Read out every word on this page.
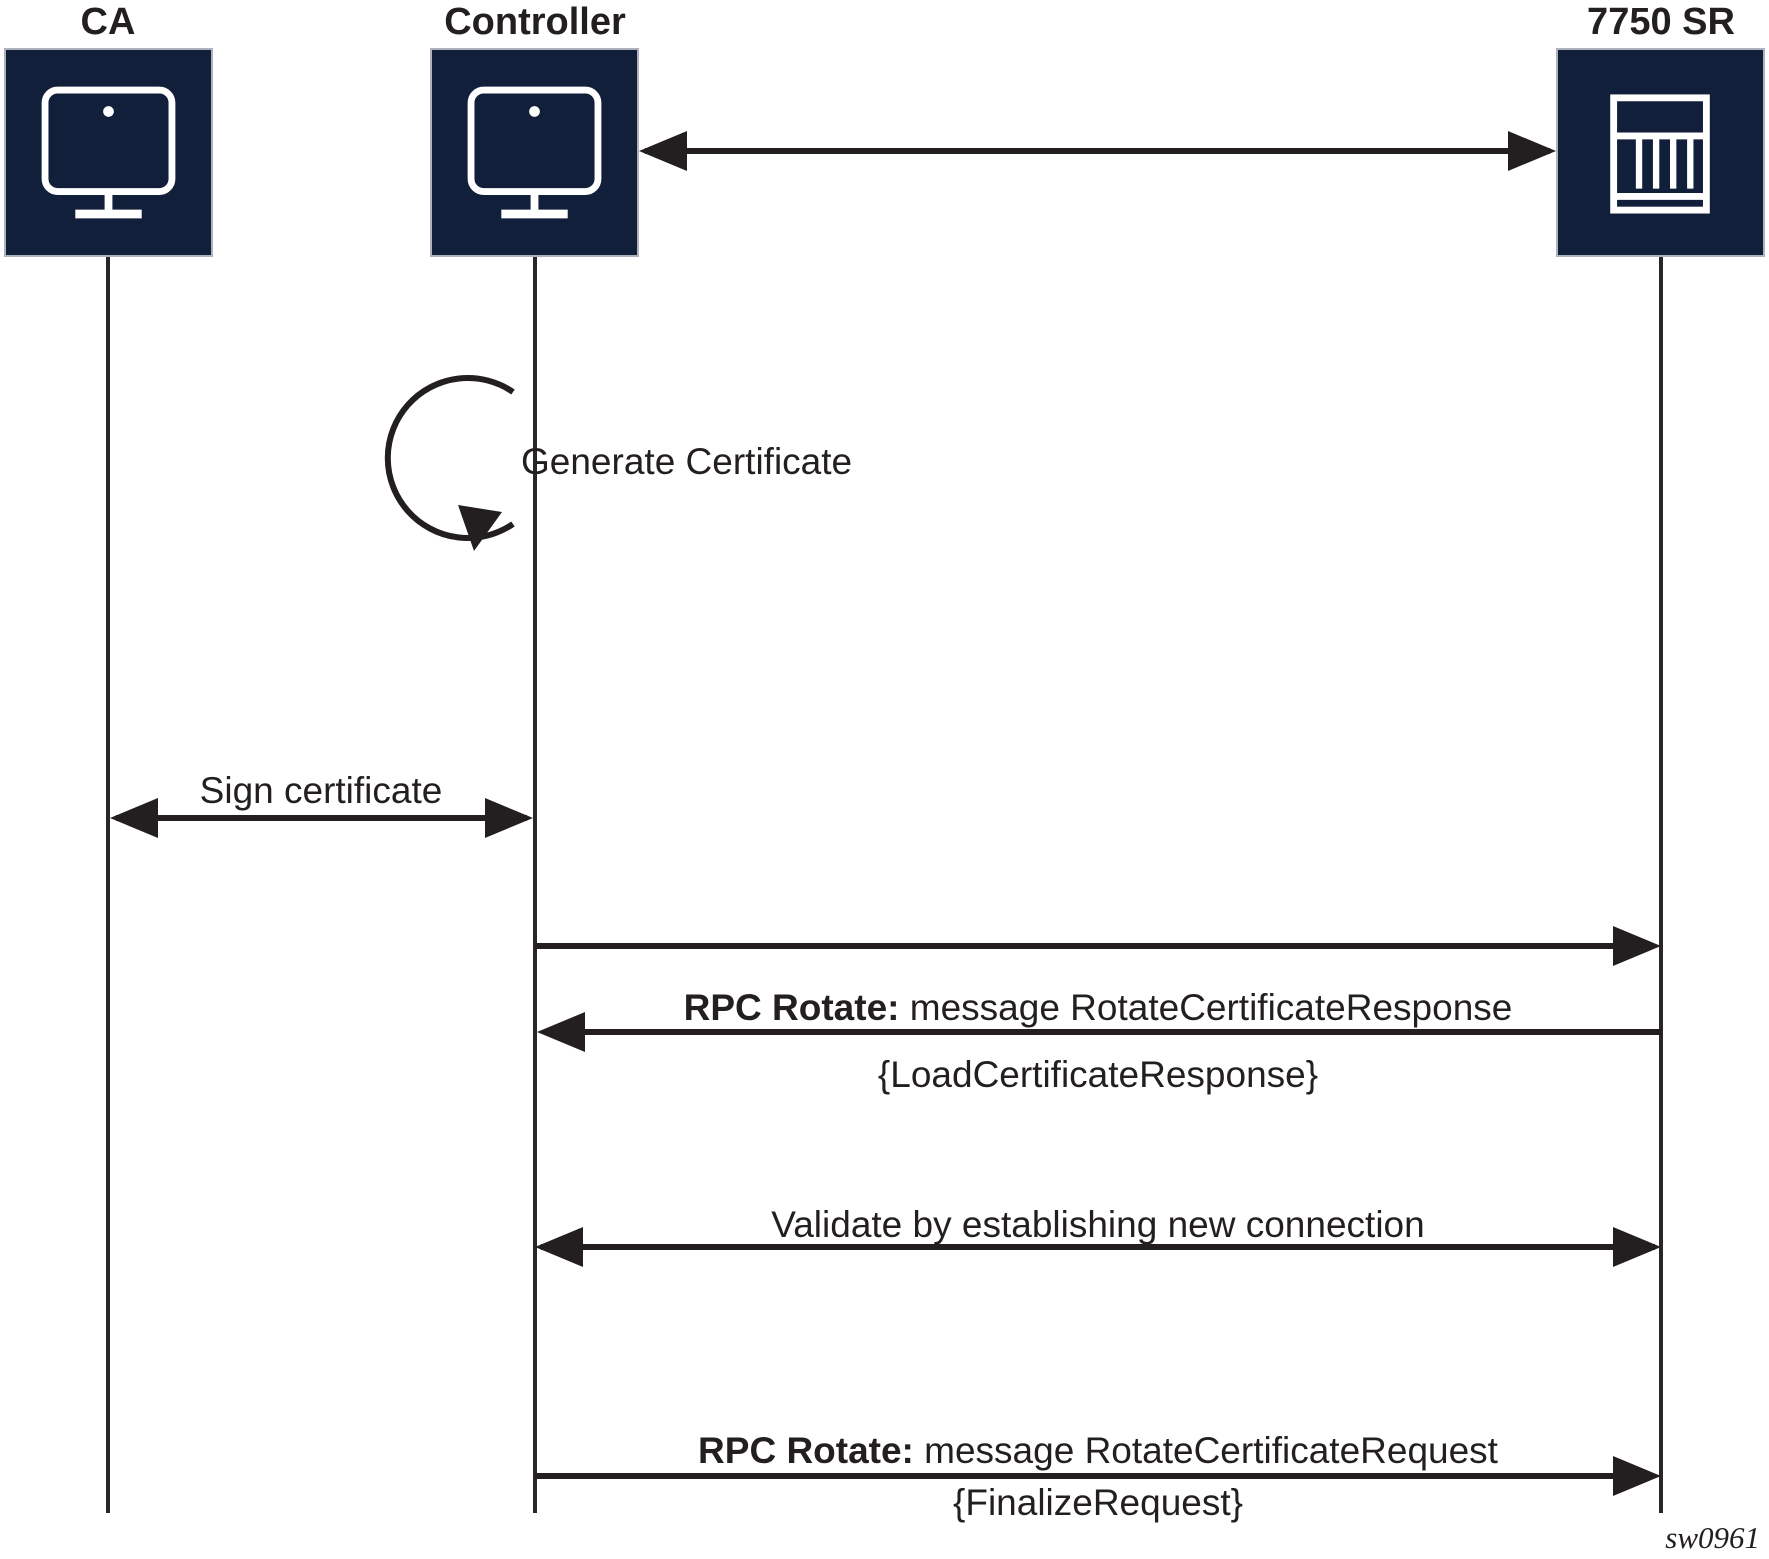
CA	Controller	7750 SR
Generate Certificate
Sign certificate
RPC Rotate: message RotateCertificateResponse
{LoadCertificateResponse}
Validate by establishing new connection
RPC Rotate: message RotateCertificateRequest
{FinalizeRequest}
sw0961
